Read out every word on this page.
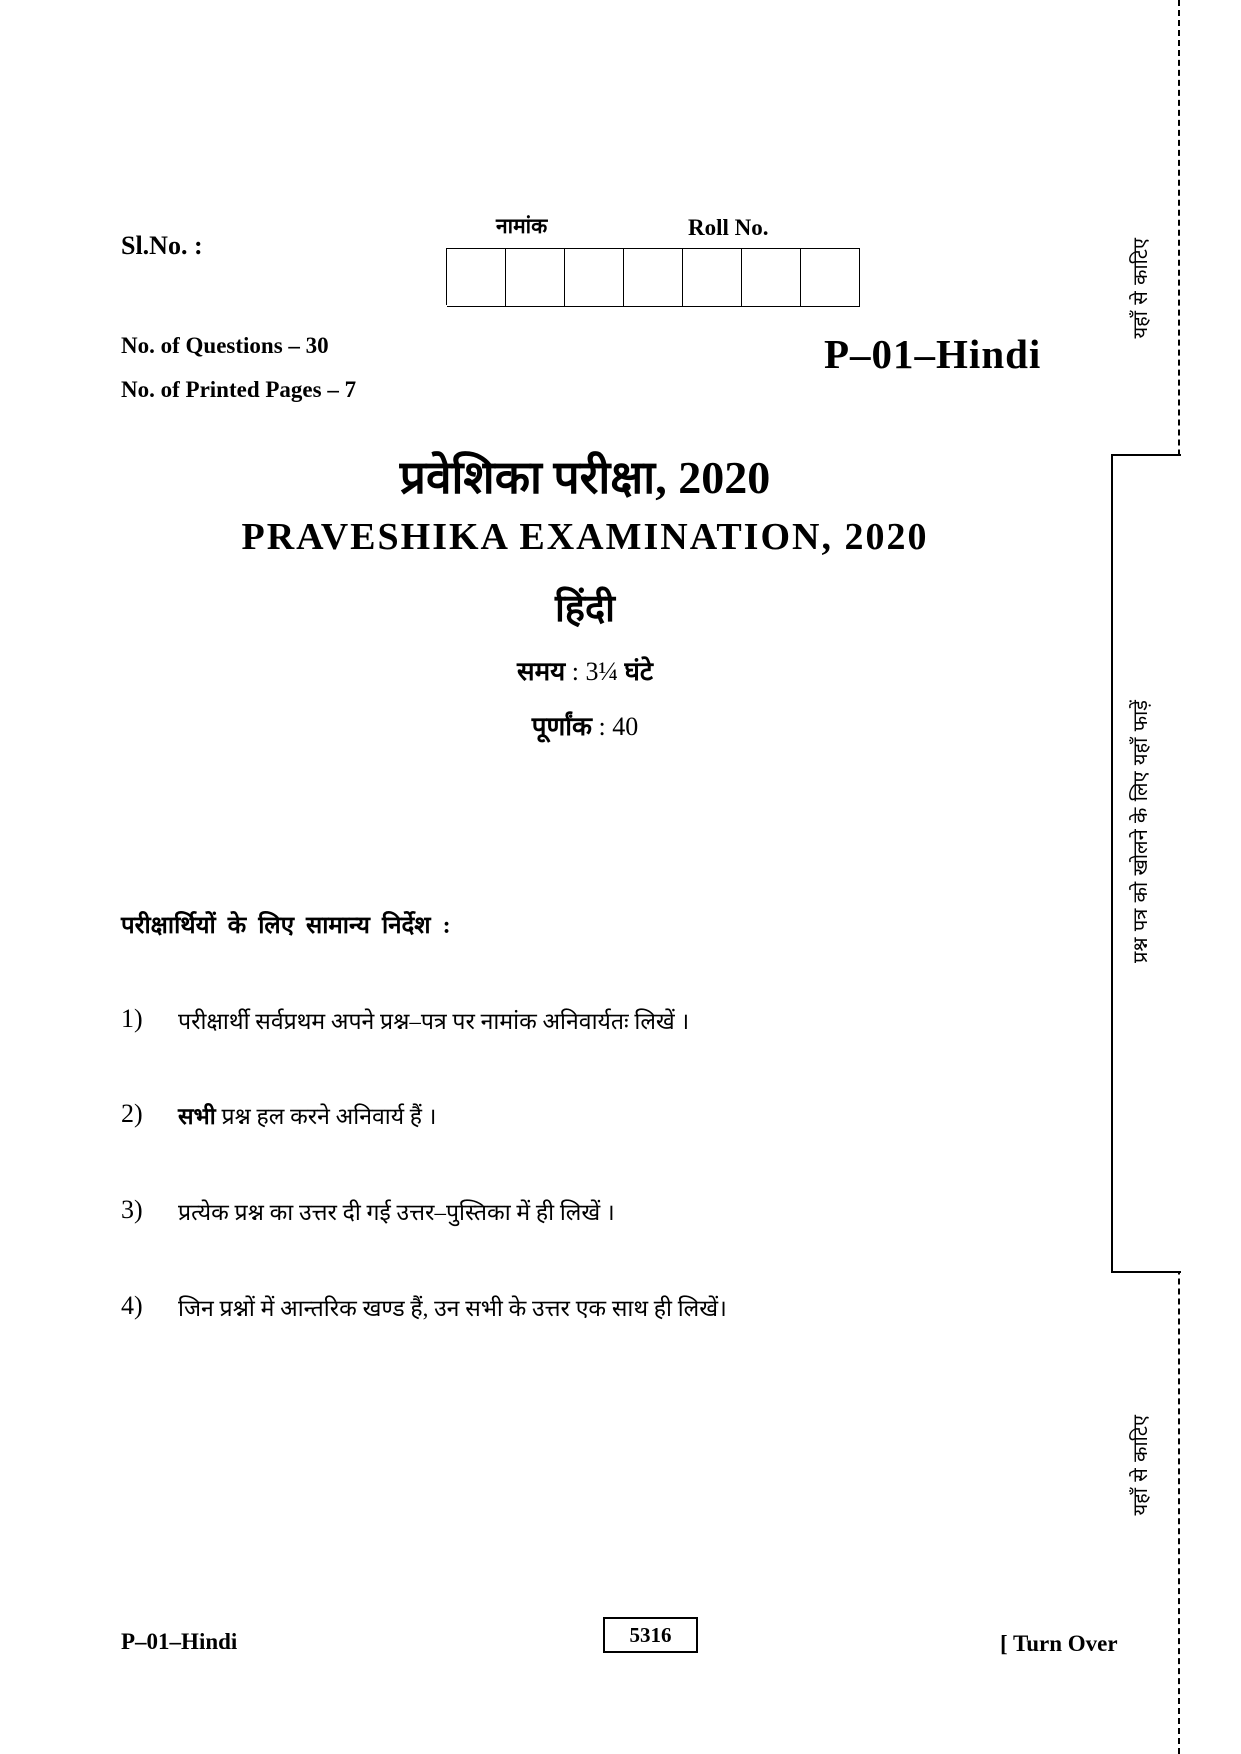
Sl.No. :
नामांक	Roll No.
No. of Questions – 30
No. of Printed Pages – 7
P–01–Hindi
प्रवेशिका परीक्षा, 2020
PRAVESHIKA EXAMINATION, 2020
हिंदी
समय : 3¼ घंटे
पूर्णांक : 40
परीक्षार्थियों के लिए सामान्य निर्देश :
1) परीक्षार्थी सर्वप्रथम अपने प्रश्न–पत्र पर नामांक अनिवार्यतः लिखें ।
2) सभी प्रश्न हल करने अनिवार्य हैं ।
3) प्रत्येक प्रश्न का उत्तर दी गई उत्तर–पुस्तिका में ही लिखें ।
4) जिन प्रश्नों में आन्तरिक खण्ड हैं, उन सभी के उत्तर एक साथ ही लिखें।
यहाँ से काटिए
प्रश्न पत्र को खोलने के लिए यहाँ फाड़ें
यहाँ से काटिए
P–01–Hindi	5316	[ Turn Over
